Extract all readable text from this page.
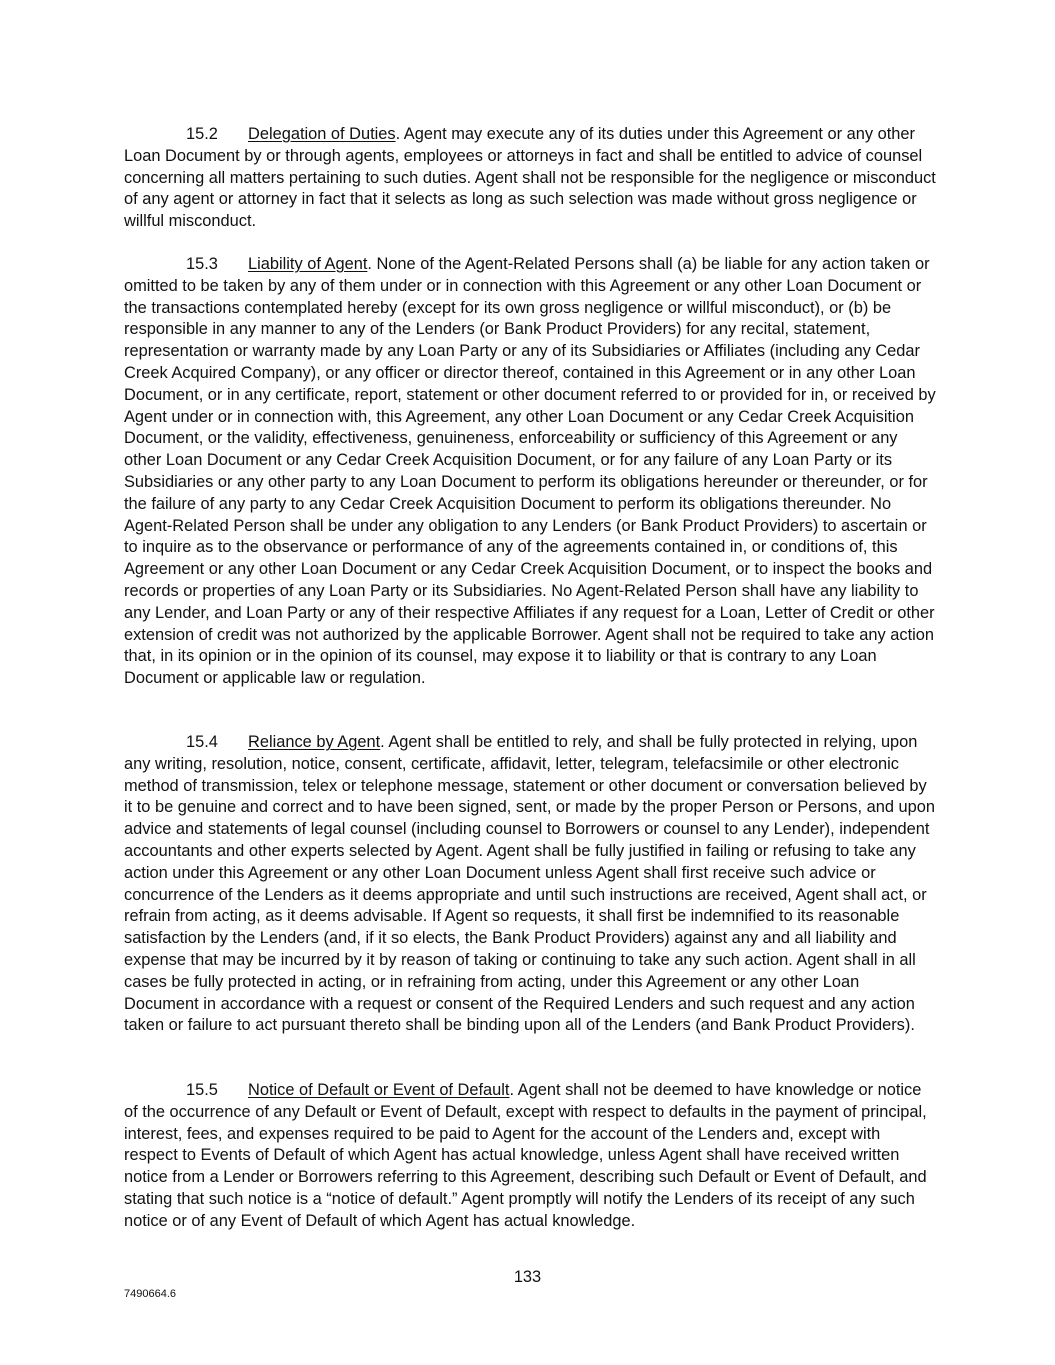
15.2 Delegation of Duties. Agent may execute any of its duties under this Agreement or any other Loan Document by or through agents, employees or attorneys in fact and shall be entitled to advice of counsel concerning all matters pertaining to such duties. Agent shall not be responsible for the negligence or misconduct of any agent or attorney in fact that it selects as long as such selection was made without gross negligence or willful misconduct.

15.3 Liability of Agent. None of the Agent-Related Persons shall (a) be liable for any action taken or omitted to be taken by any of them under or in connection with this Agreement or any other Loan Document or the transactions contemplated hereby (except for its own gross negligence or willful misconduct), or (b) be responsible in any manner to any of the Lenders (or Bank Product Providers) for any recital, statement, representation or warranty made by any Loan Party or any of its Subsidiaries or Affiliates (including any Cedar Creek Acquired Company), or any officer or director thereof, contained in this Agreement or in any other Loan Document, or in any certificate, report, statement or other document referred to or provided for in, or received by Agent under or in connection with, this Agreement, any other Loan Document or any Cedar Creek Acquisition Document, or the validity, effectiveness, genuineness, enforceability or sufficiency of this Agreement or any other Loan Document or any Cedar Creek Acquisition Document, or for any failure of any Loan Party or its Subsidiaries or any other party to any Loan Document to perform its obligations hereunder or thereunder, or for the failure of any party to any Cedar Creek Acquisition Document to perform its obligations thereunder. No Agent-Related Person shall be under any obligation to any Lenders (or Bank Product Providers) to ascertain or to inquire as to the observance or performance of any of the agreements contained in, or conditions of, this Agreement or any other Loan Document or any Cedar Creek Acquisition Document, or to inspect the books and records or properties of any Loan Party or its Subsidiaries. No Agent-Related Person shall have any liability to any Lender, and Loan Party or any of their respective Affiliates if any request for a Loan, Letter of Credit or other extension of credit was not authorized by the applicable Borrower. Agent shall not be required to take any action that, in its opinion or in the opinion of its counsel, may expose it to liability or that is contrary to any Loan Document or applicable law or regulation.

15.4 Reliance by Agent. Agent shall be entitled to rely, and shall be fully protected in relying, upon any writing, resolution, notice, consent, certificate, affidavit, letter, telegram, telefacsimile or other electronic method of transmission, telex or telephone message, statement or other document or conversation believed by it to be genuine and correct and to have been signed, sent, or made by the proper Person or Persons, and upon advice and statements of legal counsel (including counsel to Borrowers or counsel to any Lender), independent accountants and other experts selected by Agent. Agent shall be fully justified in failing or refusing to take any action under this Agreement or any other Loan Document unless Agent shall first receive such advice or concurrence of the Lenders as it deems appropriate and until such instructions are received, Agent shall act, or refrain from acting, as it deems advisable. If Agent so requests, it shall first be indemnified to its reasonable satisfaction by the Lenders (and, if it so elects, the Bank Product Providers) against any and all liability and expense that may be incurred by it by reason of taking or continuing to take any such action. Agent shall in all cases be fully protected in acting, or in refraining from acting, under this Agreement or any other Loan Document in accordance with a request or consent of the Required Lenders and such request and any action taken or failure to act pursuant thereto shall be binding upon all of the Lenders (and Bank Product Providers).

15.5 Notice of Default or Event of Default. Agent shall not be deemed to have knowledge or notice of the occurrence of any Default or Event of Default, except with respect to defaults in the payment of principal, interest, fees, and expenses required to be paid to Agent for the account of the Lenders and, except with respect to Events of Default of which Agent has actual knowledge, unless Agent shall have received written notice from a Lender or Borrowers referring to this Agreement, describing such Default or Event of Default, and stating that such notice is a “notice of default.” Agent promptly will notify the Lenders of its receipt of any such notice or of any Event of Default of which Agent has actual knowledge.

133
7490664.6
